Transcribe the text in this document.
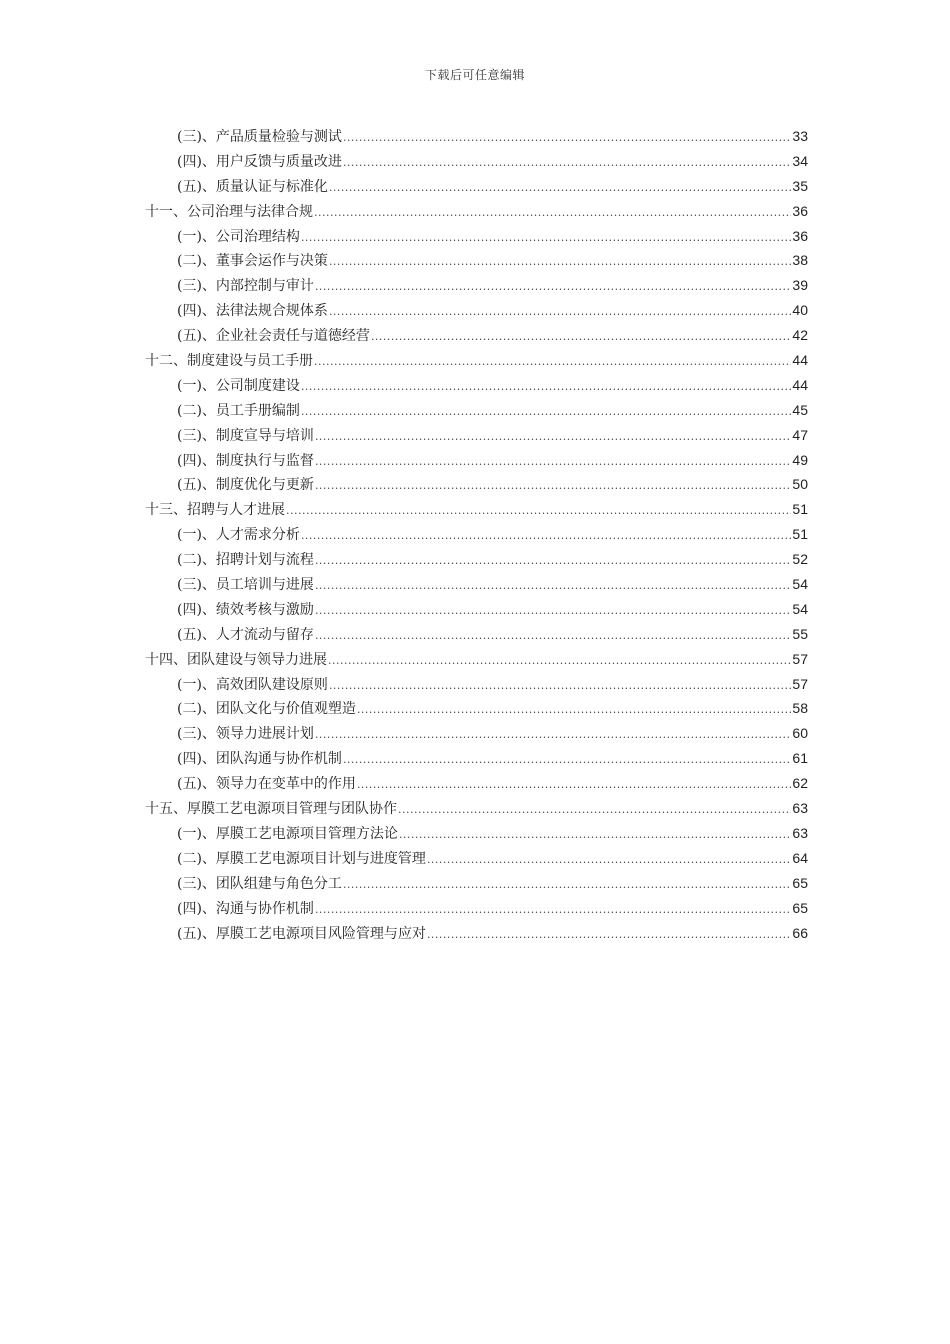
下载后可任意编辑
(三)、产品质量检验与测试 .....	33
(四)、用户反馈与质量改进 .....	34
(五)、质量认证与标准化 .....	35
十一、公司治理与法律合规 .....	36
(一)、公司治理结构 .....	36
(二)、董事会运作与决策 .....	38
(三)、内部控制与审计 .....	39
(四)、法律法规合规体系 .....	40
(五)、企业社会责任与道德经营 .....	42
十二、制度建设与员工手册 .....	44
(一)、公司制度建设 .....	44
(二)、员工手册编制 .....	45
(三)、制度宣导与培训 .....	47
(四)、制度执行与监督 .....	49
(五)、制度优化与更新 .....	50
十三、招聘与人才进展 .....	51
(一)、人才需求分析 .....	51
(二)、招聘计划与流程 .....	52
(三)、员工培训与进展 .....	54
(四)、绩效考核与激励 .....	54
(五)、人才流动与留存 .....	55
十四、团队建设与领导力进展 .....	57
(一)、高效团队建设原则 .....	57
(二)、团队文化与价值观塑造 .....	58
(三)、领导力进展计划 .....	60
(四)、团队沟通与协作机制 .....	61
(五)、领导力在变革中的作用 .....	62
十五、厚膜工艺电源项目管理与团队协作 .....	63
(一)、厚膜工艺电源项目管理方法论 .....	63
(二)、厚膜工艺电源项目计划与进度管理 .....	64
(三)、团队组建与角色分工 .....	65
(四)、沟通与协作机制 .....	65
(五)、厚膜工艺电源项目风险管理与应对 .....	66
